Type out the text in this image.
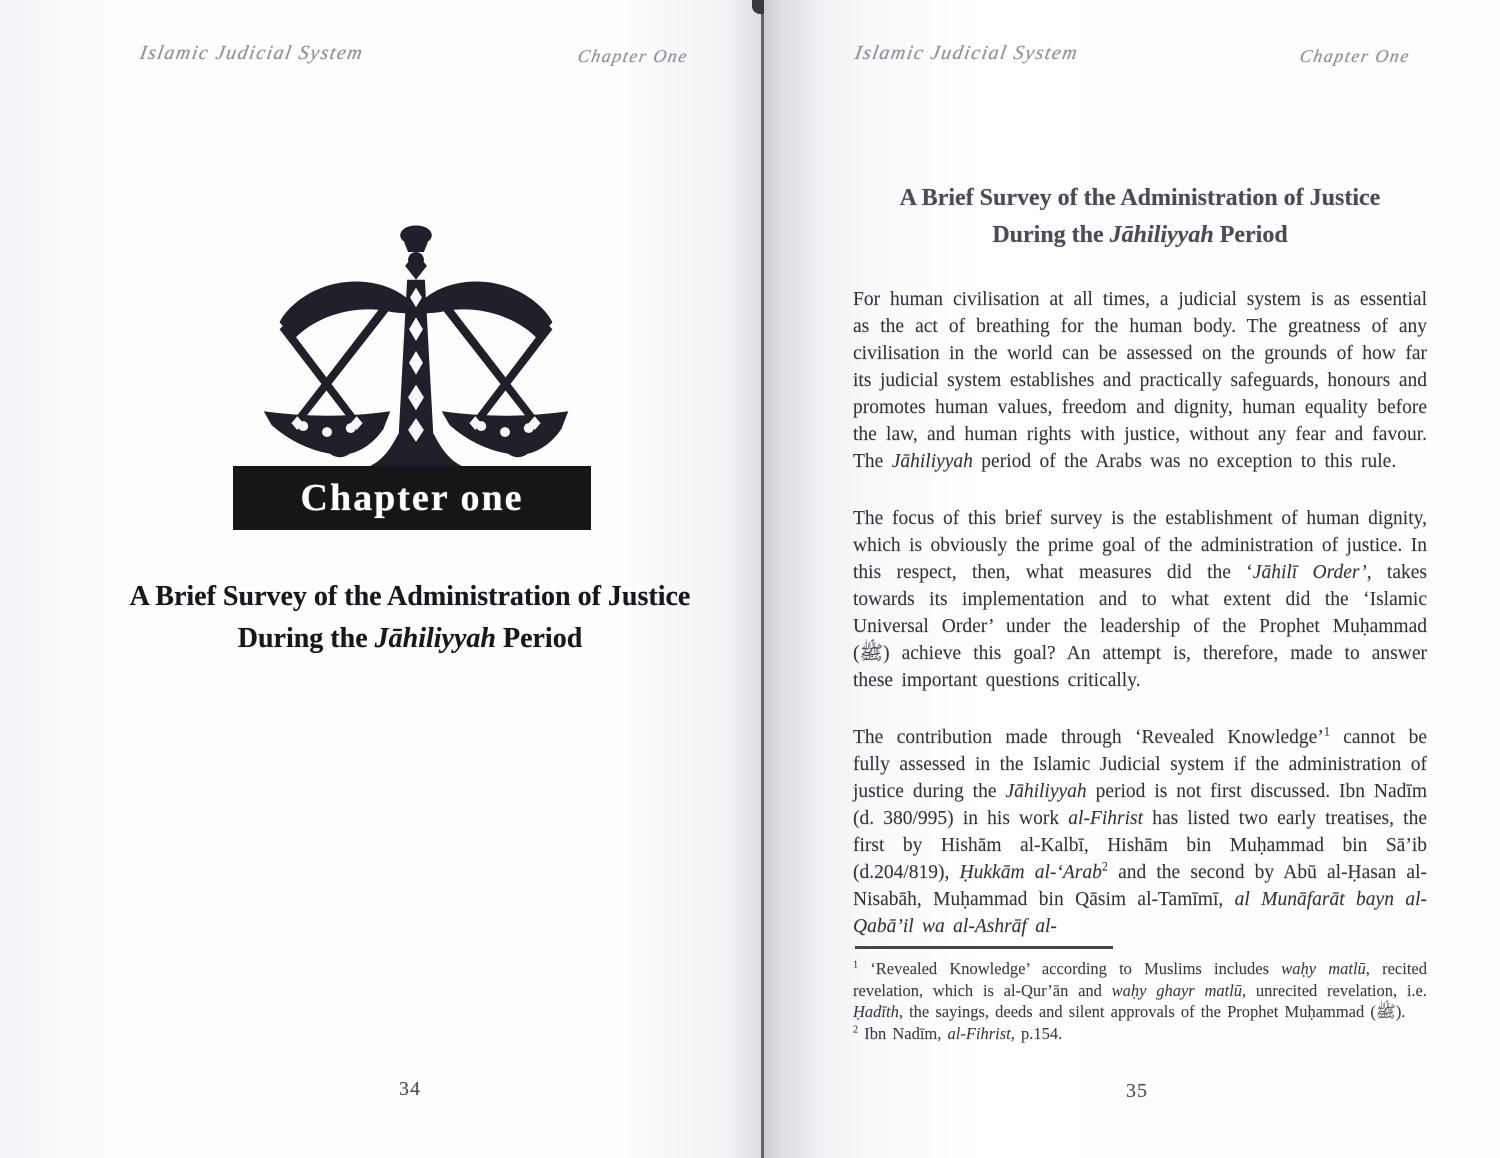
Islamic Judicial System	Chapter One
Chapter one
A Brief Survey of the Administration of Justice
During the Jāhiliyyah Period
34
Islamic Judicial System	Chapter One
A Brief Survey of the Administration of Justice
During the Jāhiliyyah Period

For human civilisation at all times, a judicial system is as essential as the act of breathing for the human body. The greatness of any civilisation in the world can be assessed on the grounds of how far its judicial system establishes and practically safeguards, honours and promotes human values, freedom and dignity, human equality before the law, and human rights with justice, without any fear and favour. The Jāhiliyyah period of the Arabs was no exception to this rule.

The focus of this brief survey is the establishment of human dignity, which is obviously the prime goal of the administration of justice. In this respect, then, what measures did the ‘Jāhilī Order’, takes towards its implementation and to what extent did the ‘Islamic Universal Order’ under the leadership of the Prophet Muḥammad (ﷺ) achieve this goal? An attempt is, therefore, made to answer these important questions critically.

The contribution made through ‘Revealed Knowledge’$^1$ cannot be fully assessed in the Islamic Judicial system if the administration of justice during the Jāhiliyyah period is not first discussed. Ibn Nadīm (d. 380/995) in his work al-Fihrist has listed two early treatises, the first by Hishām al-Kalbī, Hishām bin Muḥammad bin Sā’ib (d.204/819), Ḥukkām al-‘Arab$^2$ and the second by Abū al-Ḥasan al-Nisabāh, Muḥammad bin Qāsim al-Tamīmī, al Munāfarāt bayn al-Qabā’il wa al-Ashrāf al-

$^1$ ‘Revealed Knowledge’ according to Muslims includes waḥy matlū, recited revelation, which is al-Qur’ān and waḥy ghayr matlū, unrecited revelation, i.e. Ḥadīth, the sayings, deeds and silent approvals of the Prophet Muḥammad (ﷺ).

$^2$ Ibn Nadīm, al-Fihrist, p.154.

35
